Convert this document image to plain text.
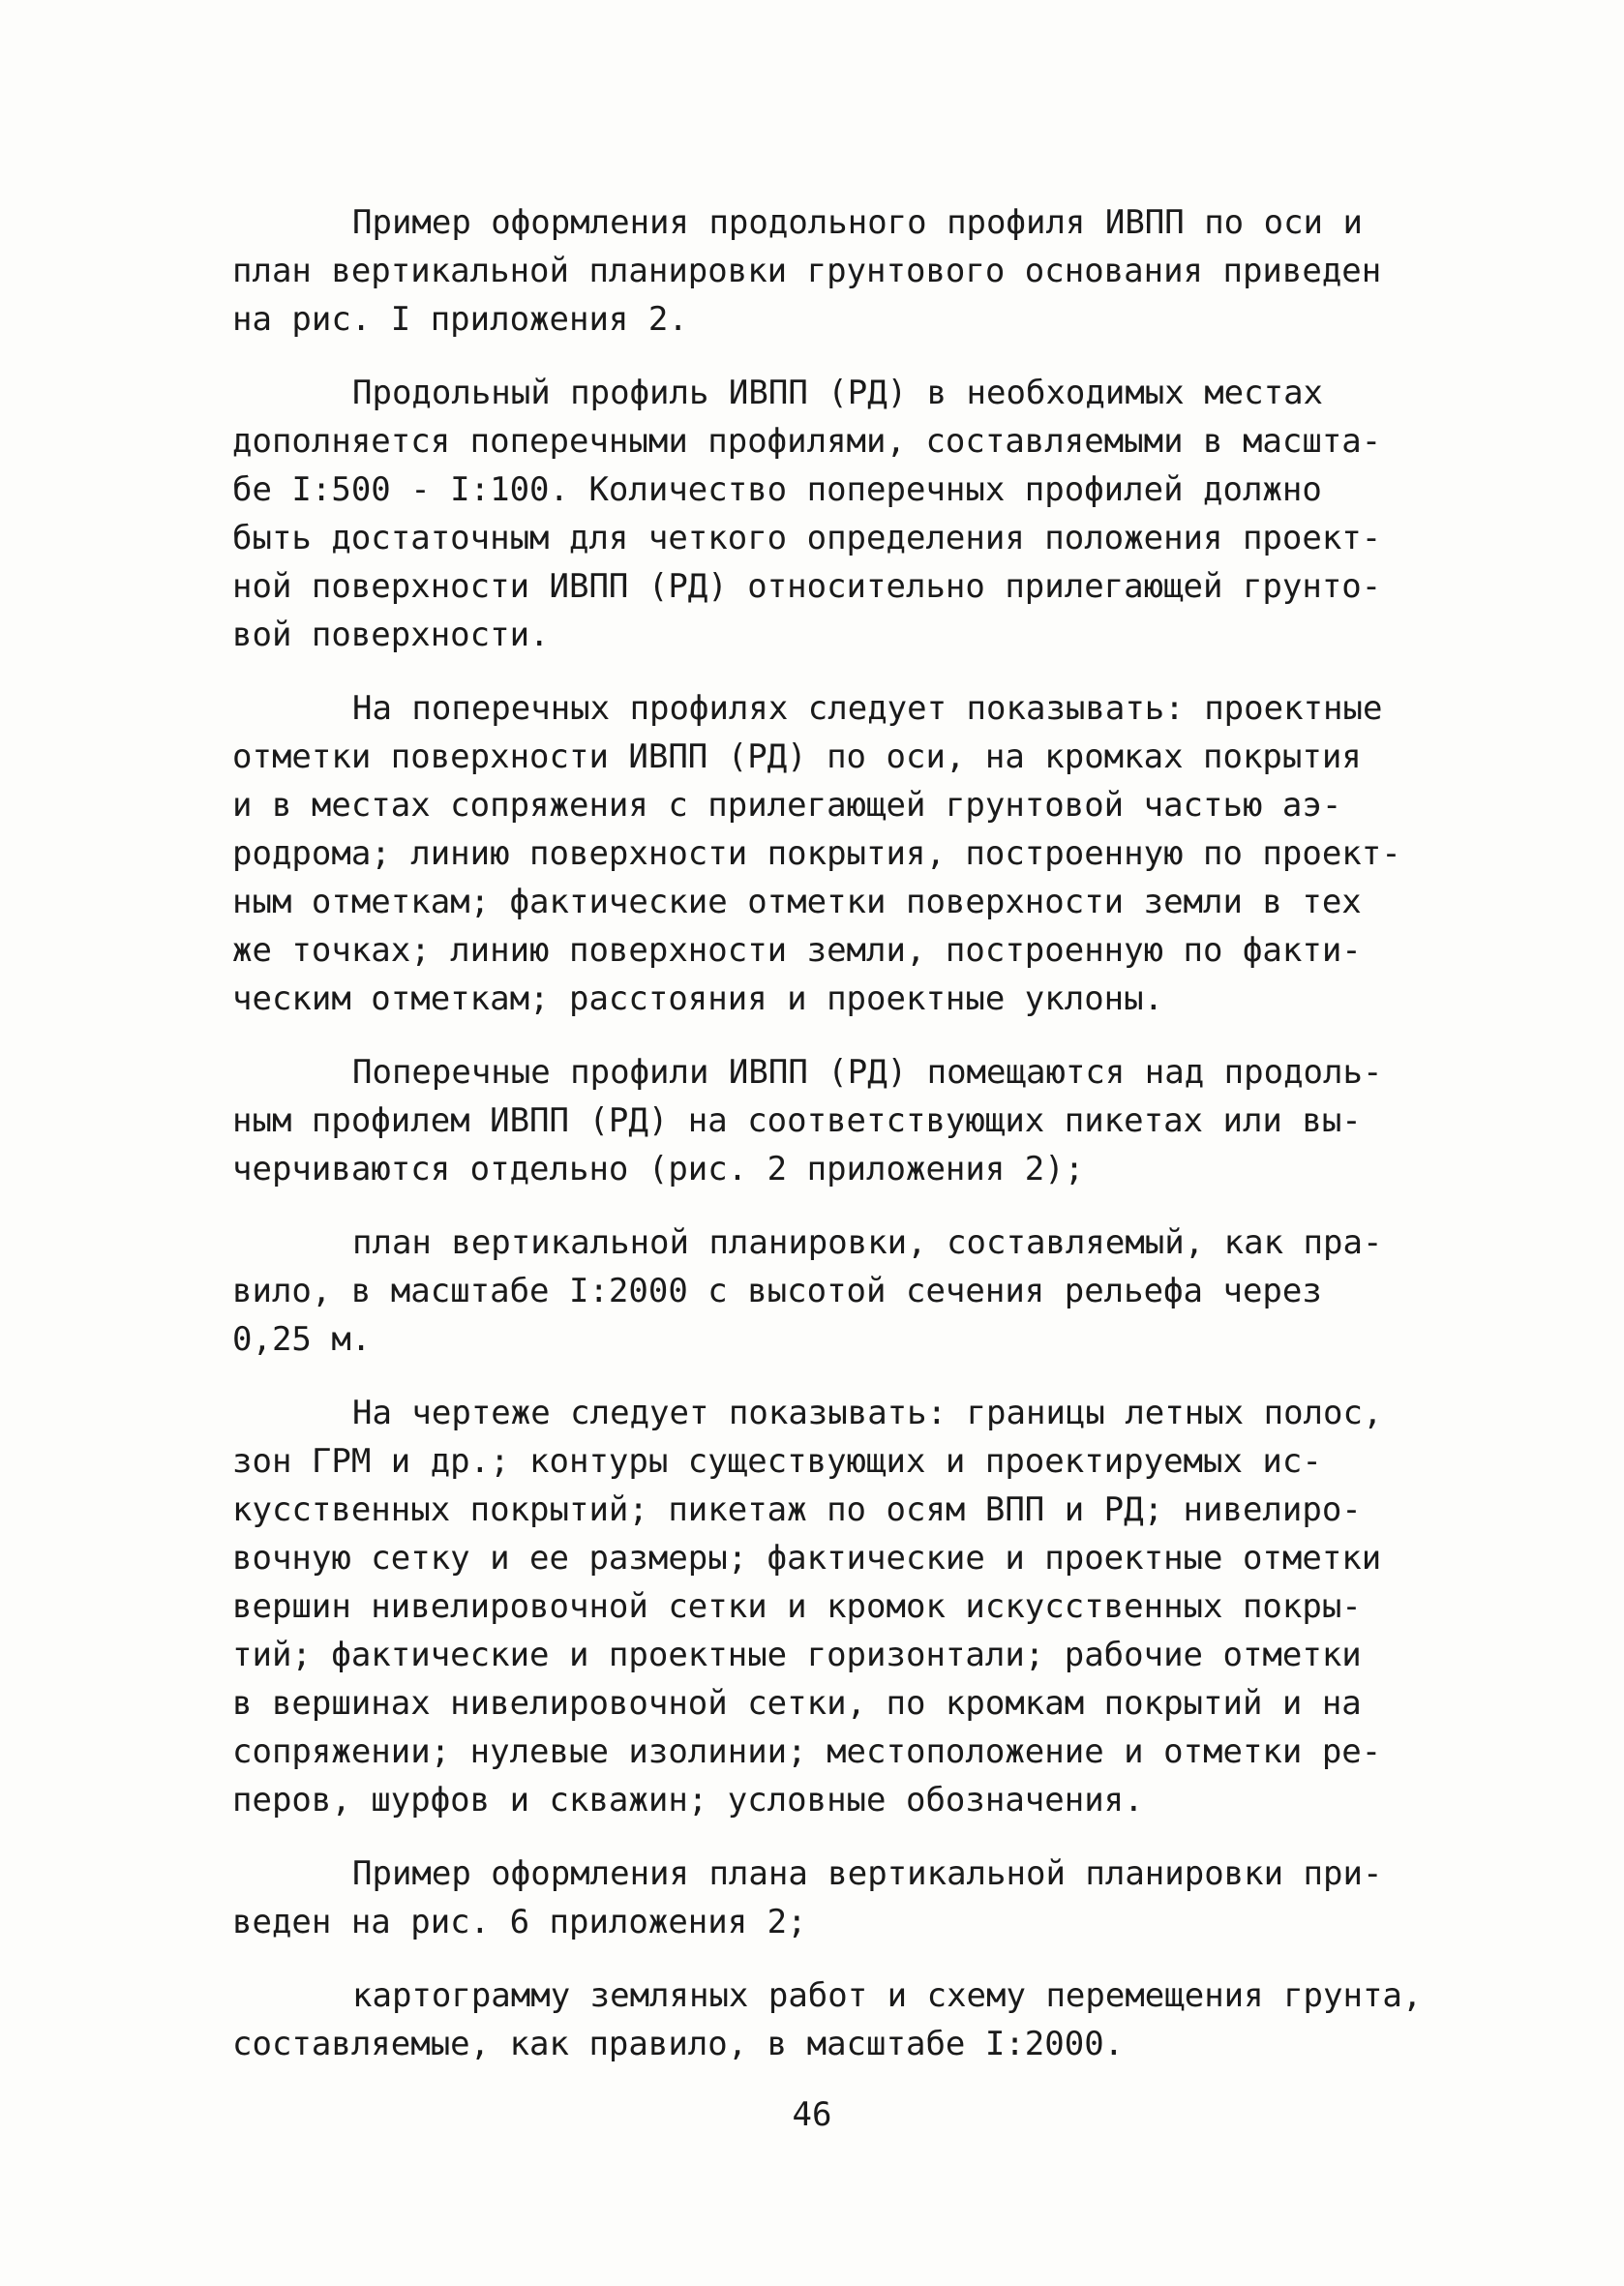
Пример оформления продольного профиля ИВПП по оси и
план вертикальной планировки грунтового основания приведен
на рис. I приложения 2.

Продольный профиль ИВПП (РД) в необходимых местах
дополняется поперечными профилями, составляемыми в масшта-
бе I:500 - I:100. Количество поперечных профилей должно
быть достаточным для четкого определения положения проект-
ной поверхности ИВПП (РД) относительно прилегающей грунто-
вой поверхности.

На поперечных профилях следует показывать: проектные
отметки поверхности ИВПП (РД) по оси, на кромках покрытия
и в местах сопряжения с прилегающей грунтовой частью аэ-
родрома; линию поверхности покрытия, построенную по проект-
ным отметкам; фактические отметки поверхности земли в тех
же точках; линию поверхности земли, построенную по факти-
ческим отметкам; расстояния и проектные уклоны.

Поперечные профили ИВПП (РД) помещаются над продоль-
ным профилем ИВПП (РД) на соответствующих пикетах или вы-
черчиваются отдельно (рис. 2 приложения 2);

план вертикальной планировки, составляемый, как пра-
вило, в масштабе I:2000 с высотой сечения рельефа через
0,25 м.

На чертеже следует показывать: границы летных полос,
зон ГРМ и др.; контуры существующих и проектируемых ис-
кусственных покрытий; пикетаж по осям ВПП и РД; нивелиро-
вочную сетку и ее размеры; фактические и проектные отметки
вершин нивелировочной сетки и кромок искусственных покры-
тий; фактические и проектные горизонтали; рабочие отметки
в вершинах нивелировочной сетки, по кромкам покрытий и на
сопряжении; нулевые изолинии; местоположение и отметки ре-
перов, шурфов и скважин; условные обозначения.

Пример оформления плана вертикальной планировки при-
веден на рис. 6 приложения 2;

картограмму земляных работ и схему перемещения грунта,
составляемые, как правило, в масштабе I:2000.

46
